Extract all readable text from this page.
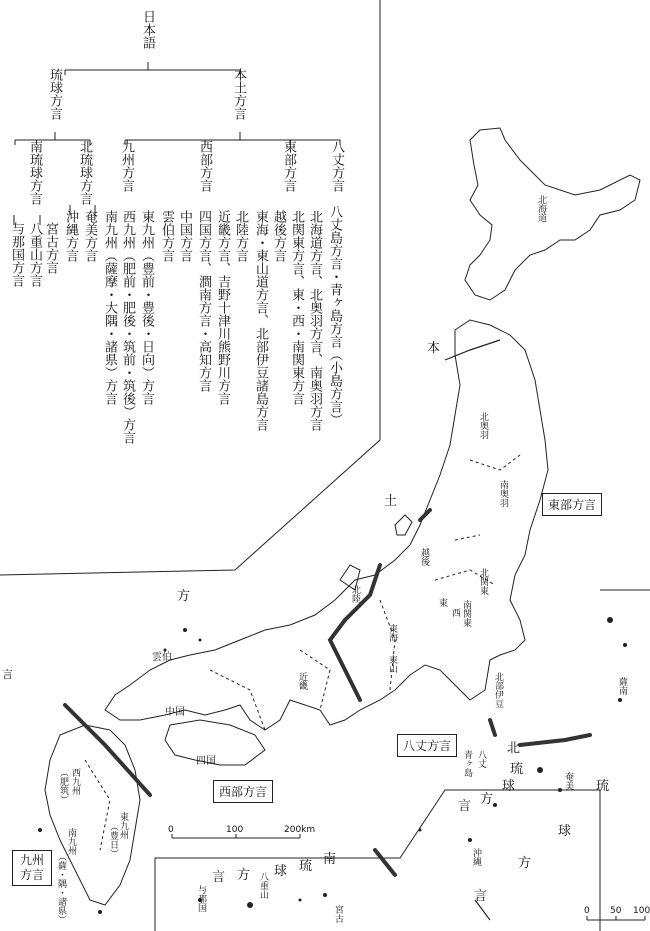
日本語
琉球方言	本土方言
南琉球方言	北琉球方言
宮古方言
八重山方言
与那国方言	奄美方言
沖縄方言
九州方言	西部方言	東部方言	八丈方言
東九州（豊前・豊後・日向）方言
西九州（肥前・肥後・筑前・筑後）方言
南九州（薩摩・大隅・諸県）方言	北陸方言
近畿方言、吉野十津川熊野川方言
四国方言、澗南方言・高知方言
中国方言
雲伯方言	東海・東山道方言、北部伊豆諸島方言 越後方言 北関東方言、東・西・南関東方言 北海道方言、北奥羽方言、南奥羽方言 八丈島方言・青ヶ島方言（小島方言）	本
土
方
言
北
琉
球
方
言
琉
球
方
言
南
琉
球
方
言
東部方言
西部方言
八丈方言
九州方言
北海道
北奥羽
南奥羽
越後
北関東
東
西 南関東
東海
東山
北陸
近畿
雲伯
中国
四国
東九州
（豊日）
西九州
（肥筑）
南九州
（薩・隅・諸県）
北部伊豆
八丈
青ヶ島
奄美
沖縄
八重山
与那国
宮古
薩南
0	100	200km
0 50 100
